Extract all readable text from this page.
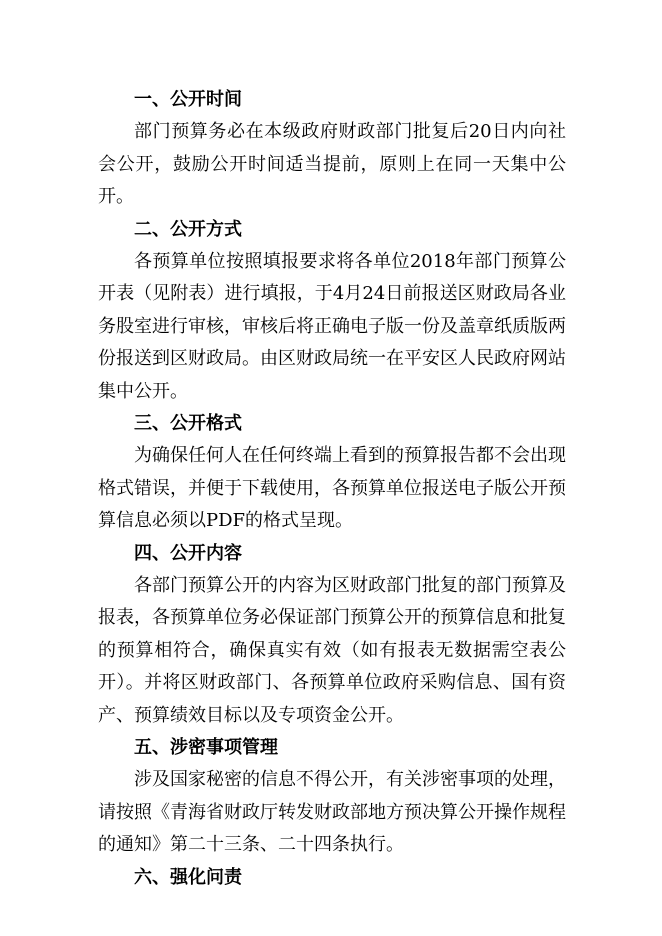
一、公开时间

部门预算务必在本级政府财政部门批复后20日内向社会公开，鼓励公开时间适当提前，原则上在同一天集中公开。

二、公开方式

各预算单位按照填报要求将各单位2018年部门预算公开表（见附表）进行填报，于4月24日前报送区财政局各业务股室进行审核，审核后将正确电子版一份及盖章纸质版两份报送到区财政局。由区财政局统一在平安区人民政府网站集中公开。

三、公开格式

为确保任何人在任何终端上看到的预算报告都不会出现格式错误，并便于下载使用，各预算单位报送电子版公开预算信息必须以PDF的格式呈现。

四、公开内容

各部门预算公开的内容为区财政部门批复的部门预算及报表，各预算单位务必保证部门预算公开的预算信息和批复的预算相符合，确保真实有效（如有报表无数据需空表公开）。并将区财政部门、各预算单位政府采购信息、国有资产、预算绩效目标以及专项资金公开。

五、涉密事项管理

涉及国家秘密的信息不得公开，有关涉密事项的处理，请按照《青海省财政厅转发财政部地方预决算公开操作规程的通知》第二十三条、二十四条执行。

六、强化问责
